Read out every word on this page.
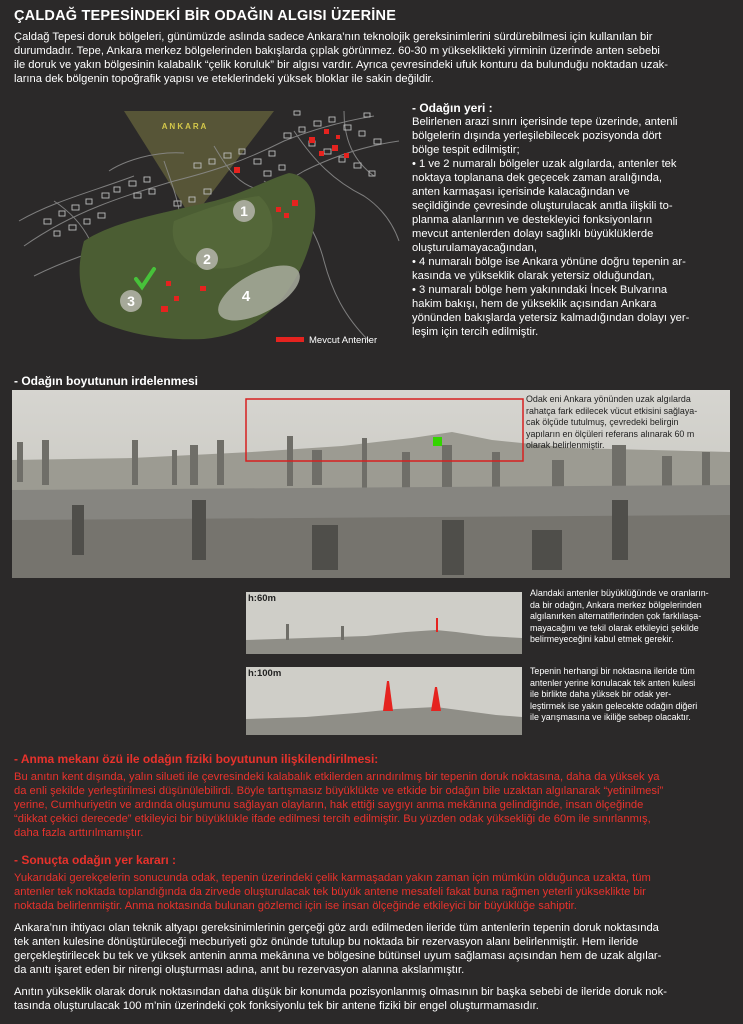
ÇALDAĞ TEPESİNDEKİ BİR ODAĞIN ALGISI ÜZERİNE
Çaldağ Tepesi doruk bölgeleri, günümüzde aslında sadece Ankara’nın teknolojik gereksinimlerini sürdürebilmesi için kullanılan bir
durumdadır. Tepe, Ankara merkez bölgelerinden bakışlarda çıplak görünmez. 60-30 m yükseklikteki yirminin üzerinde anten sebebi
ile doruk ve yakın bölgesinin kalabalık “çelik koruluk” bir algısı vardır. Ayrıca çevresindeki ufuk konturu da bulunduğu noktadan uzak-
larına dek bölgenin topoğrafik yapısı ve eteklerindeki yüksek bloklar ile sakin değildir.
1
2
3	4
A N K A R A
Mevcut Antenler
- Odağın yeri :
Belirlenen arazi sınırı içerisinde tepe üzerinde, antenli
bölgelerin dışında yerleşilebilecek pozisyonda dört
bölge tespit edilmiştir;
• 1 ve 2 numaralı bölgeler uzak algılarda, antenler tek
noktaya toplanana dek geçecek zaman aralığında,
anten karmaşası içerisinde kalacağından ve
seçildiğinde çevresinde oluşturulacak anıtla ilişkili to-
planma alanlarının ve destekleyici fonksiyonların
mevcut antenlerden dolayı sağlıklı büyüklüklerde
oluşturulamayacağından,
• 4 numaralı bölge ise Ankara yönüne doğru tepenin ar-
kasında ve yükseklik olarak yetersiz olduğundan,
• 3 numaralı bölge hem yakınındaki İncek Bulvarına
hakim bakışı, hem de yükseklik açısından Ankara
yönünden bakışlarda yetersiz kalmadığından dolayı yer-
leşim için tercih edilmiştir.
- Odağın boyutunun irdelenmesi
Odak eni Ankara yönünden uzak algılarda
rahatça fark edilecek vücut etkisini sağlaya-
cak ölçüde tutulmuş, çevredeki belirgin
yapıların en ölçüleri referans alınarak 60 m
olarak belirlenmiştir.
h:60m	Alandaki antenler büyüklüğünde ve oranların-
da bir odağın, Ankara merkez bölgelerinden
algılanırken alternatiflerinden çok farklılaşa-
mayacağını ve tekil olarak etkileyici şekilde
belirmeyeceğini kabul etmek gerekir.
h:100m	Tepenin herhangi bir noktasına ileride tüm
antenler yerine konulacak tek anten kulesi
ile birlikte daha yüksek bir odak yer-
leştirmek ise yakın gelecekte odağın diğeri
ile yarışmasına ve ikiliğe sebep olacaktır.
- Anma mekanı özü ile odağın fiziki boyutunun ilişkilendirilmesi:
Bu anıtın kent dışında, yalın silueti ile çevresindeki kalabalık etkilerden arındırılmış bir tepenin doruk noktasına, daha da yüksek ya
da enli şekilde yerleştirilmesi düşünülebilirdi. Böyle tartışmasız büyüklükte ve etkide bir odağın bile uzaktan algılanarak “yetinilmesi”
yerine, Cumhuriyetin ve ardında oluşumunu sağlayan olayların, hak ettiği saygıyı anma mekânına gelindiğinde, insan ölçeğinde
“dikkat çekici derecede” etkileyici bir büyüklükle ifade edilmesi tercih edilmiştir. Bu yüzden odak yüksekliği de 60m ile sınırlanmış,
daha fazla arttırılmamıştır.
- Sonuçta odağın yer kararı :
Yukarıdaki gerekçelerin sonucunda odak, tepenin üzerindeki çelik karmaşadan yakın zaman için mümkün olduğunca uzakta, tüm
antenler tek noktada toplandığında da zirvede oluşturulacak tek büyük antene mesafeli fakat buna rağmen yeterli yükseklikte bir
noktada belirlenmiştir. Anma noktasında bulunan gözlemci için ise insan ölçeğinde etkileyici bir büyüklüğe sahiptir.
Ankara’nın ihtiyacı olan teknik altyapı gereksinimlerinin gerçeği göz ardı edilmeden ileride tüm antenlerin tepenin doruk noktasında
tek anten kulesine dönüştürüleceği mecburiyeti göz önünde tutulup bu noktada bir rezervasyon alanı belirlenmiştir. Hem ileride
gerçekleştirilecek bu tek ve yüksek antenin anma mekânına ve bölgesine bütünsel uyum sağlaması açısından hem de uzak algılar-
da anıtı işaret eden bir nirengi oluşturması adına, anıt bu rezervasyon alanına akslanmıştır.
Anıtın yükseklik olarak doruk noktasından daha düşük bir konumda pozisyonlanmış olmasının bir başka sebebi de ileride doruk nok-
tasında oluşturulacak 100 m’nin üzerindeki çok fonksiyonlu tek bir antene fiziki bir engel oluşturmamasıdır.
